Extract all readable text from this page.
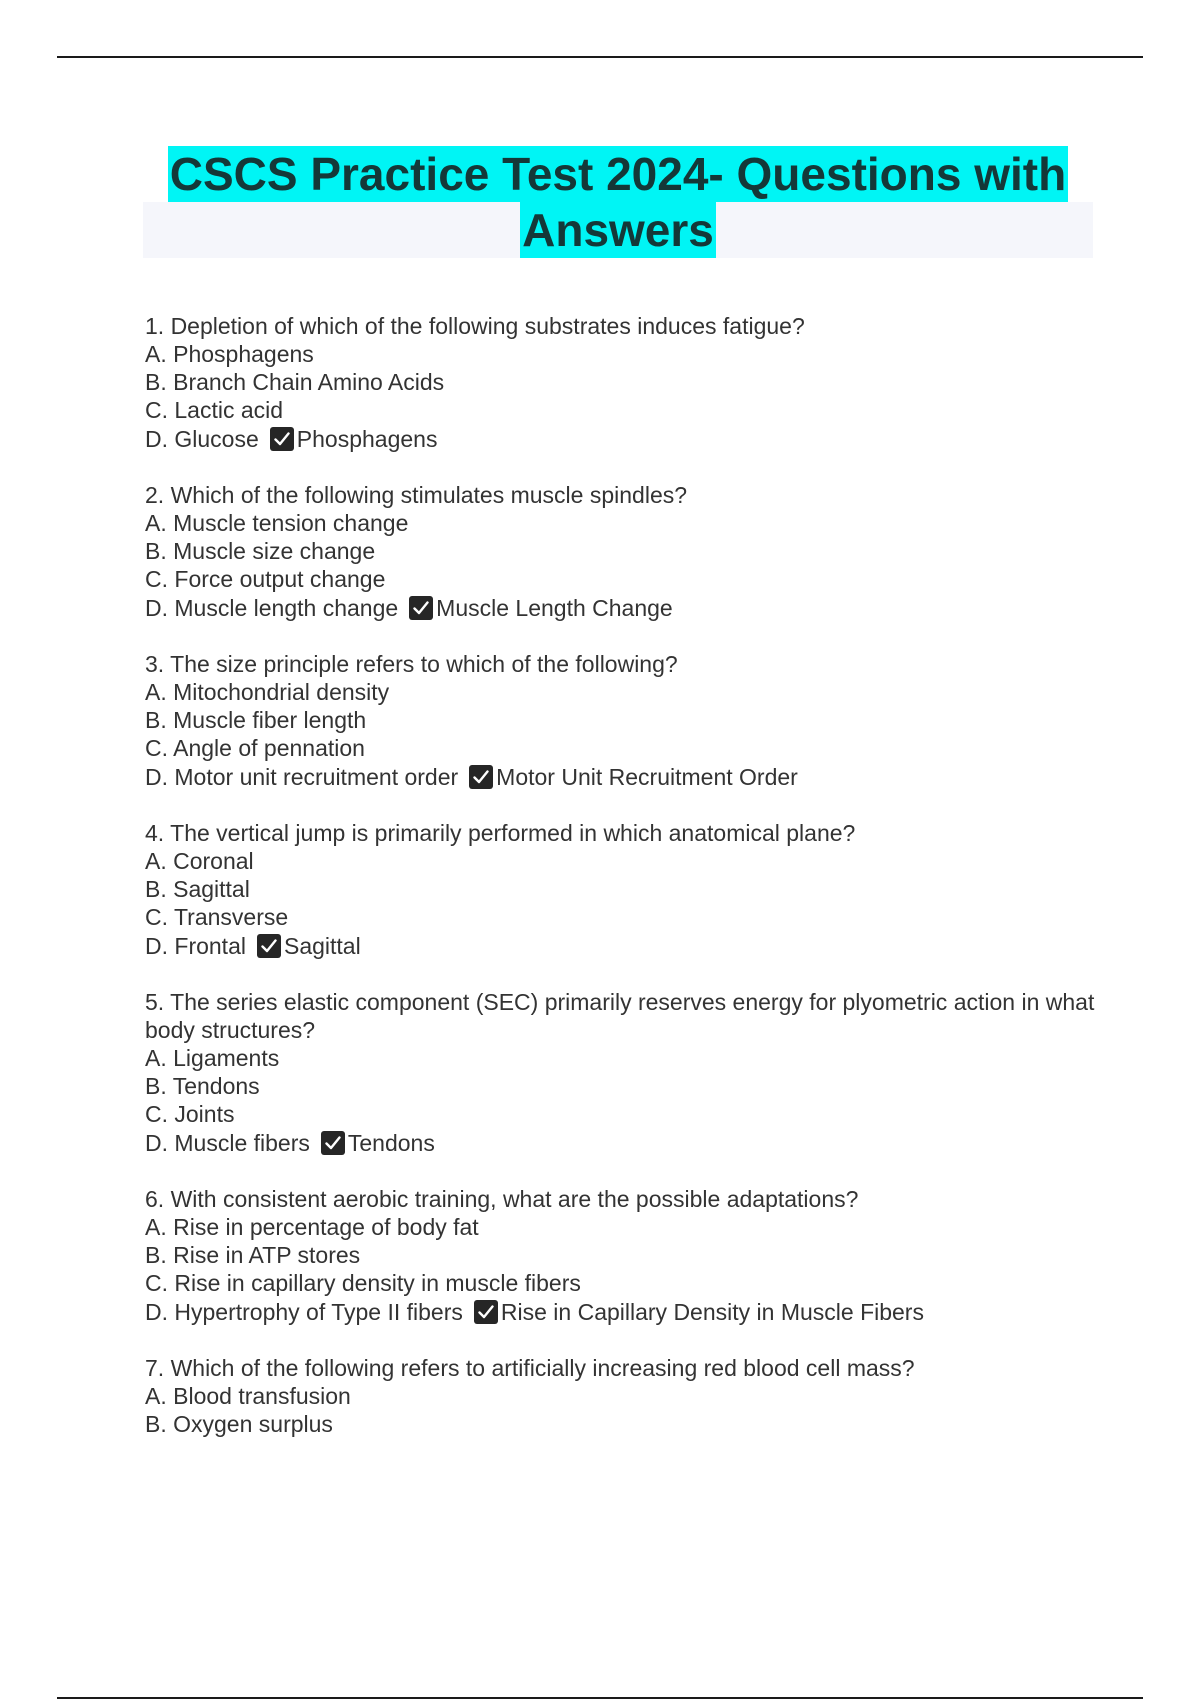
CSCS Practice Test 2024- Questions with
Answers
1. Depletion of which of the following substrates induces fatigue?
A. Phosphagens
B. Branch Chain Amino Acids
C. Lactic acid
D. Glucose Phosphagens
2. Which of the following stimulates muscle spindles?
A. Muscle tension change
B. Muscle size change
C. Force output change
D. Muscle length change Muscle Length Change
3. The size principle refers to which of the following?
A. Mitochondrial density
B. Muscle fiber length
C. Angle of pennation
D. Motor unit recruitment order Motor Unit Recruitment Order
4. The vertical jump is primarily performed in which anatomical plane?
A. Coronal
B. Sagittal
C. Transverse
D. Frontal Sagittal
5. The series elastic component (SEC) primarily reserves energy for plyometric action in what body structures?
A. Ligaments
B. Tendons
C. Joints
D. Muscle fibers Tendons
6. With consistent aerobic training, what are the possible adaptations?
A. Rise in percentage of body fat
B. Rise in ATP stores
C. Rise in capillary density in muscle fibers
D. Hypertrophy of Type II fibers Rise in Capillary Density in Muscle Fibers
7. Which of the following refers to artificially increasing red blood cell mass?
A. Blood transfusion
B. Oxygen surplus
